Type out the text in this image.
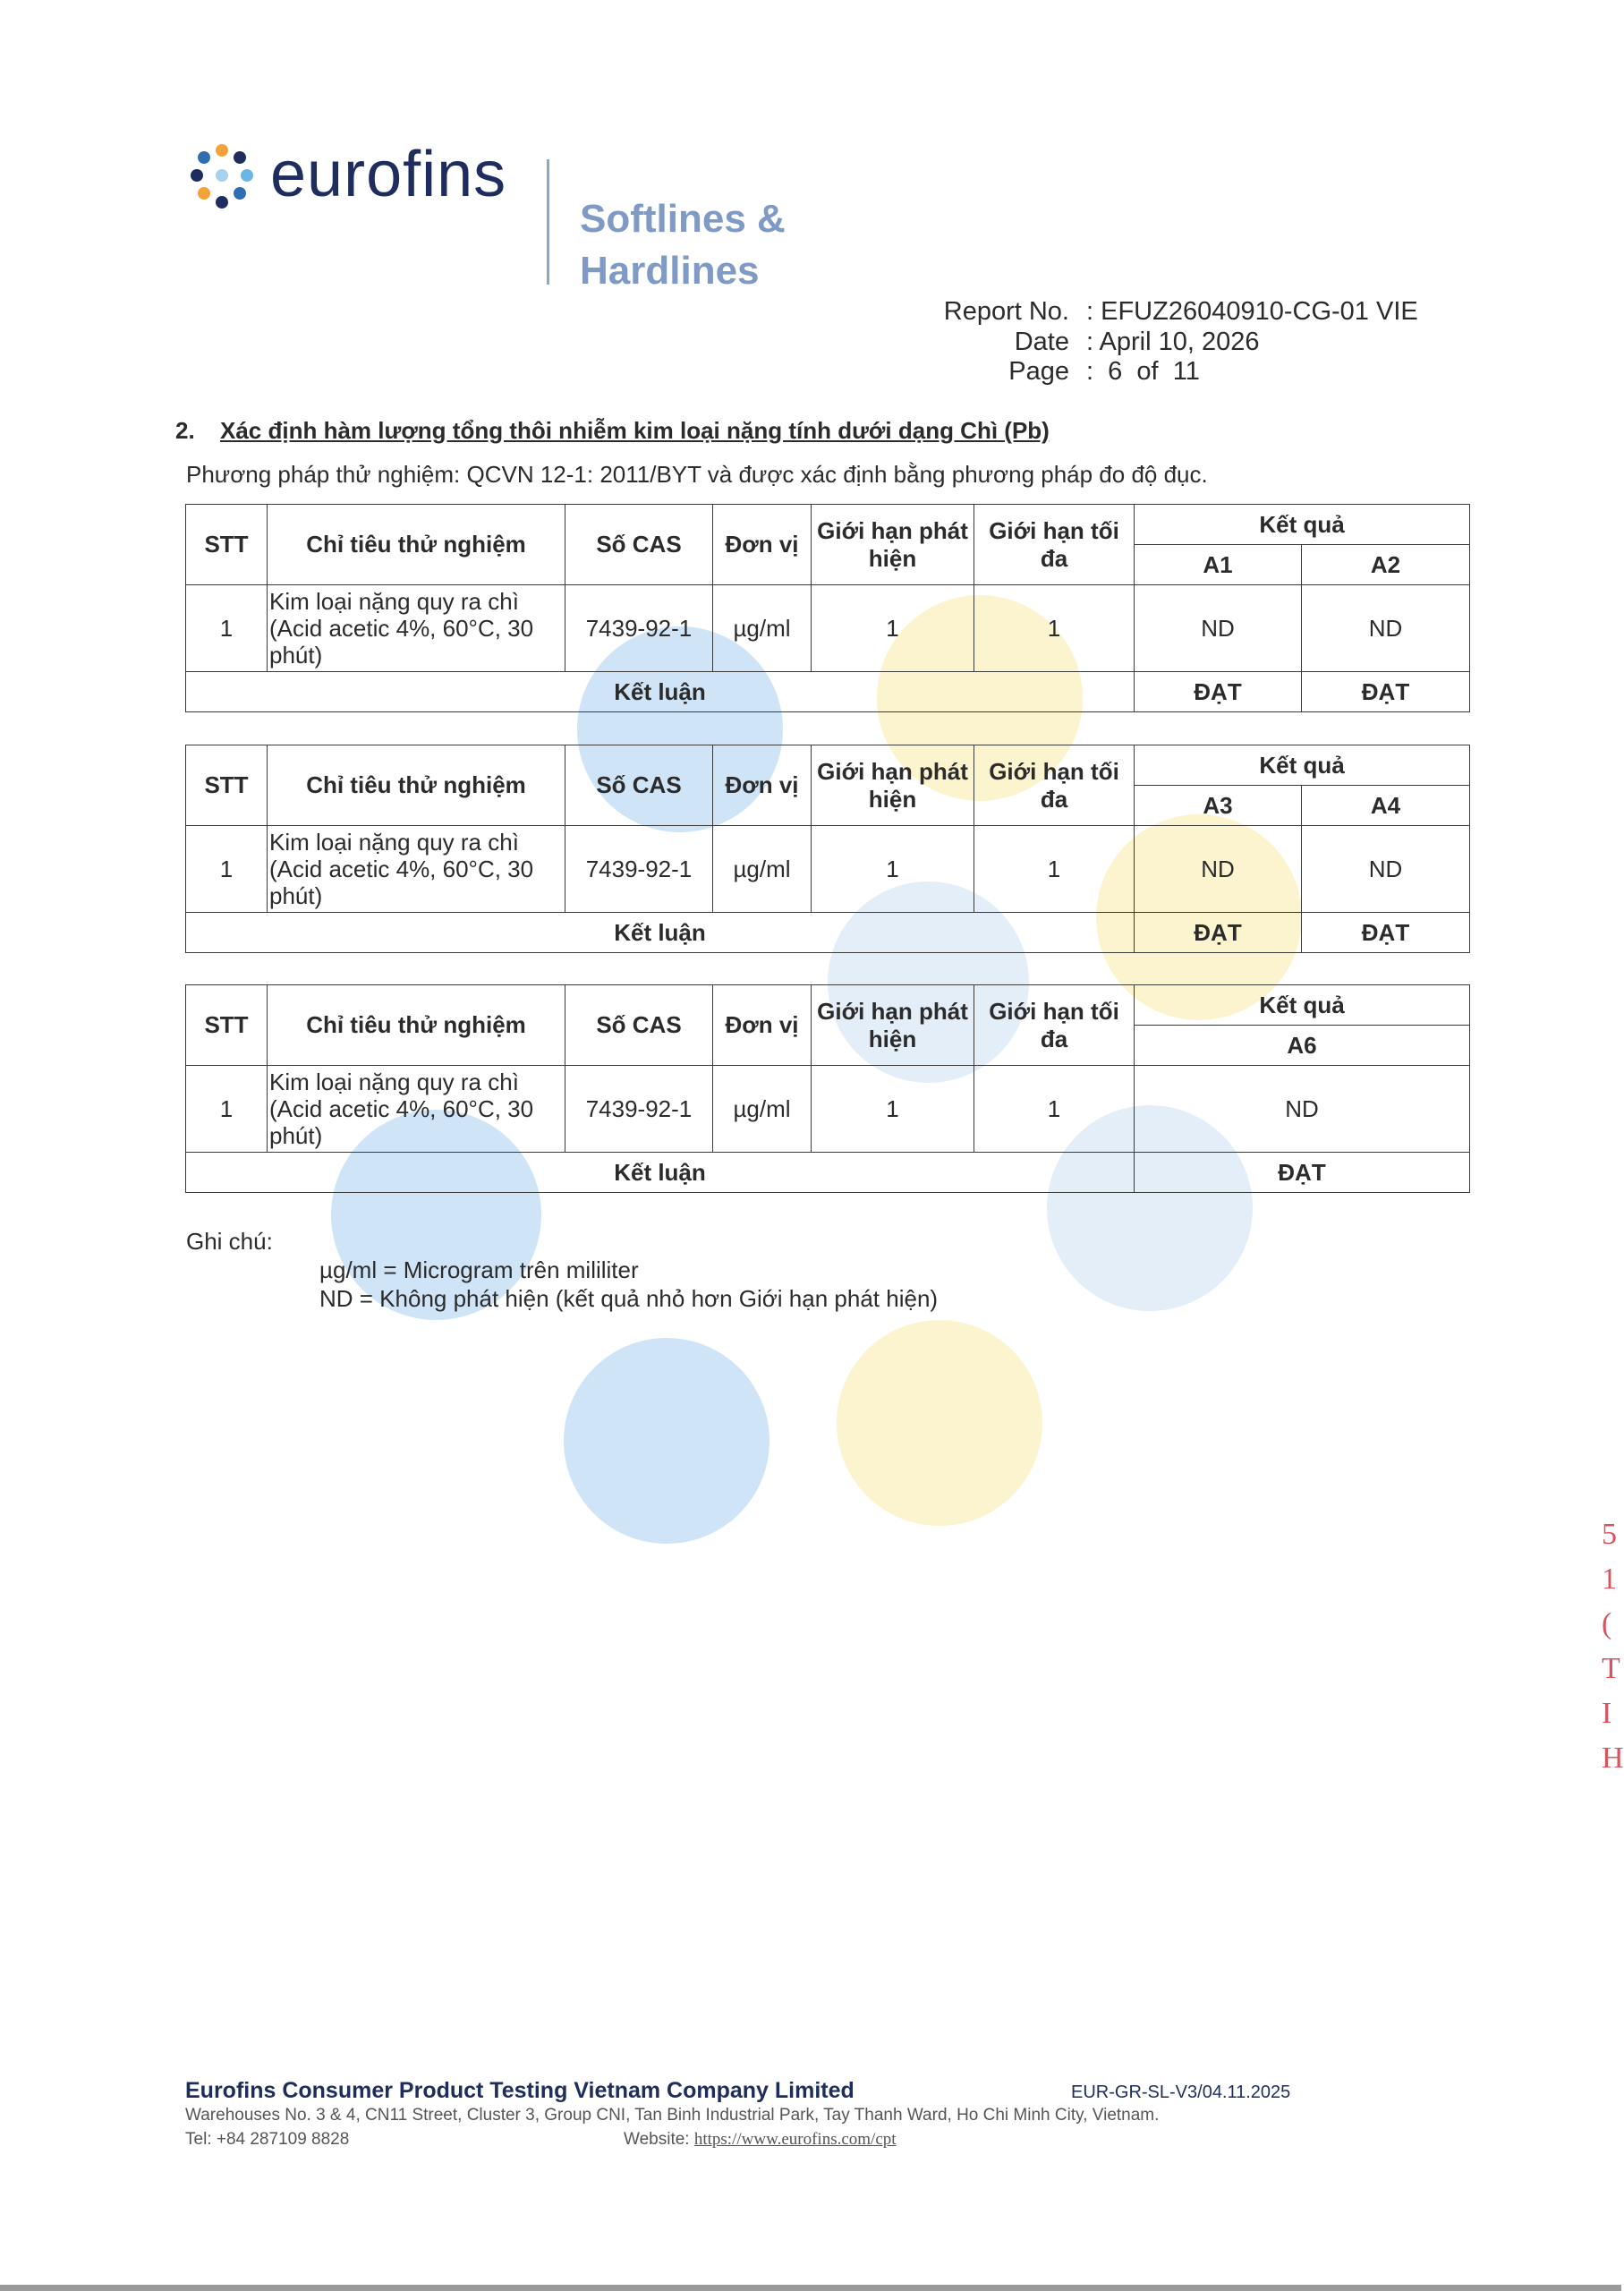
eurofins
Softlines &
Hardlines
Report No. : EFUZ26040910-CG-01 VIE
Date : April 10, 2026
Page :  6  of  11
2. Xác định hàm lượng tổng thôi nhiễm kim loại nặng tính dưới dạng Chì (Pb)
Phương pháp thử nghiệm: QCVN 12-1: 2011/BYT và được xác định bằng phương pháp đo độ đục.
STT	Chỉ tiêu thử nghiệm	Số CAS	Đơn vị	Giới hạn phát hiện	Giới hạn tối đa	Kết quả	
						A1	A2
1	Kim loại nặng quy ra chì (Acid acetic 4%, 60°C, 30 phút)	7439-92-1	µg/ml	1	1	ND	ND
Kết luận						ĐẠT	ĐẠT
STT	Chỉ tiêu thử nghiệm	Số CAS	Đơn vị	Giới hạn phát hiện	Giới hạn tối đa	Kết quả	
						A3	A4
1	Kim loại nặng quy ra chì (Acid acetic 4%, 60°C, 30 phút)	7439-92-1	µg/ml	1	1	ND	ND
Kết luận						ĐẠT	ĐẠT
STT	Chỉ tiêu thử nghiệm	Số CAS	Đơn vị	Giới hạn phát hiện	Giới hạn tối đa	Kết quả
						A6
1	Kim loại nặng quy ra chì (Acid acetic 4%, 60°C, 30 phút)	7439-92-1	µg/ml	1	1	ND
Kết luận						ĐẠT
Ghi chú:
µg/ml = Microgram trên mililiter
ND = Không phát hiện (kết quả nhỏ hơn Giới hạn phát hiện)
5
1
(
T
I
H
Eurofins Consumer Product Testing Vietnam Company Limited	EUR-GR-SL-V3/04.11.2025
Warehouses No. 3 & 4, CN11 Street, Cluster 3, Group CNI, Tan Binh Industrial Park, Tay Thanh Ward, Ho Chi Minh City, Vietnam.
Tel: +84 287109 8828	Website: https://www.eurofins.com/cpt
